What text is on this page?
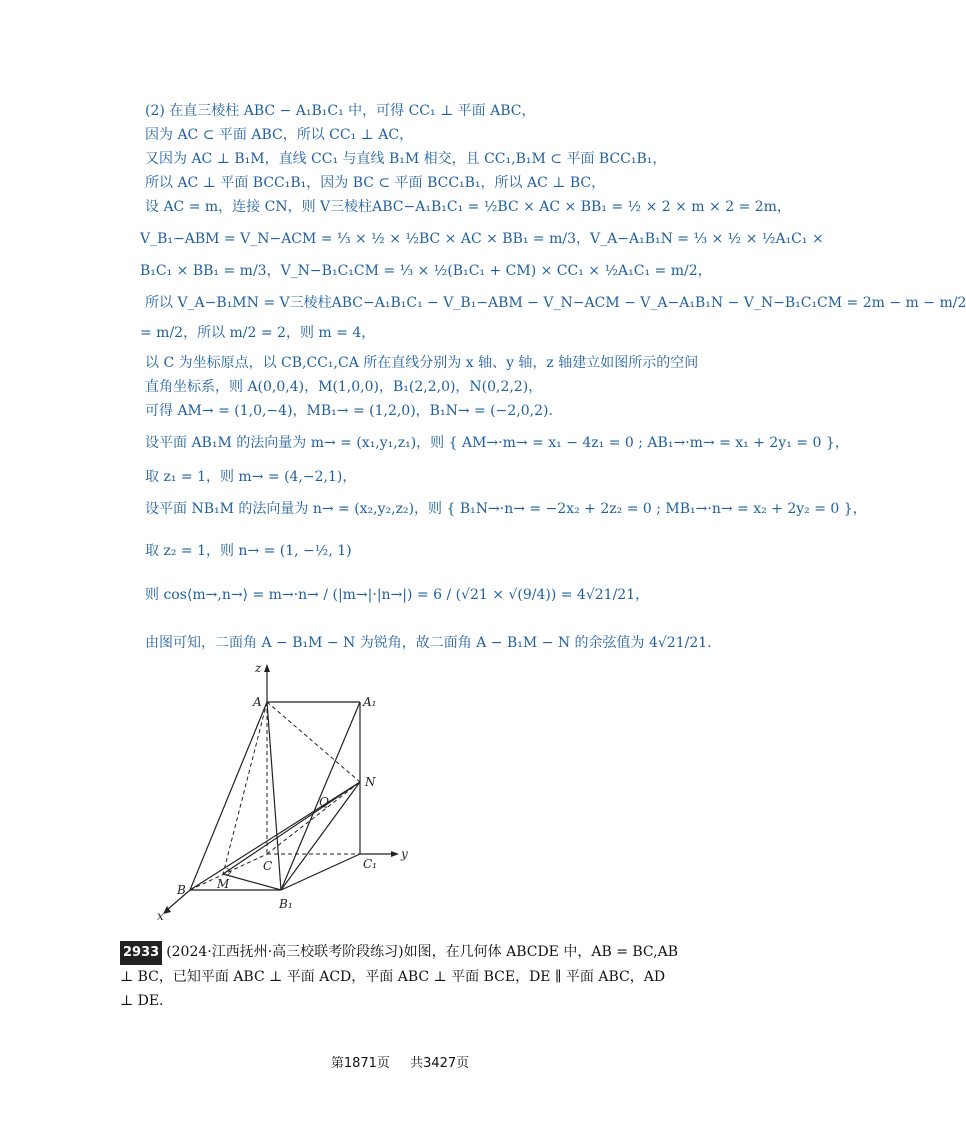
(2) 在直三棱柱 ABC − A₁B₁C₁ 中，可得 CC₁ ⊥ 平面 ABC，
因为 AC ⊂ 平面 ABC，所以 CC₁ ⊥ AC，
又因为 AC ⊥ B₁M，直线 CC₁ 与直线 B₁M 相交，且 CC₁,B₁M ⊂ 平面 BCC₁B₁，
所以 AC ⊥ 平面 BCC₁B₁，因为 BC ⊂ 平面 BCC₁B₁，所以 AC ⊥ BC，
设 AC = m，连接 CN，则 V三棱柱ABC−A₁B₁C₁ = ½BC × AC × BB₁ = ½ × 2 × m × 2 = 2m，
V_B₁−ABM = V_N−ACM = ⅓ × ½ × ½BC × AC × BB₁ = m/3，V_A−A₁B₁N = ⅓ × ½ × ½A₁C₁ ×
B₁C₁ × BB₁ = m/3，V_N−B₁C₁CM = ⅓ × ½(B₁C₁ + CM) × CC₁ × ½A₁C₁ = m/2，
所以 V_A−B₁MN = V三棱柱ABC−A₁B₁C₁ − V_B₁−ABM − V_N−ACM − V_A−A₁B₁N − V_N−B₁C₁CM = 2m − m − m/2
= m/2，所以 m/2 = 2，则 m = 4，
以 C 为坐标原点，以 CB,CC₁,CA 所在直线分别为 x 轴、y 轴，z 轴建立如图所示的空间
直角坐标系，则 A(0,0,4)，M(1,0,0)，B₁(2,2,0)，N(0,2,2)，
可得 AM→ = (1,0,−4)，MB₁→ = (1,2,0)，B₁N→ = (−2,0,2).
设平面 AB₁M 的法向量为 m→ = (x₁,y₁,z₁)，则 { AM→·m→ = x₁ − 4z₁ = 0 ; AB₁→·m→ = x₁ + 2y₁ = 0 }，
取 z₁ = 1，则 m→ = (4,−2,1)，
设平面 NB₁M 的法向量为 n→ = (x₂,y₂,z₂)，则 { B₁N→·n→ = −2x₂ + 2z₂ = 0 ; MB₁→·n→ = x₂ + 2y₂ = 0 }，
取 z₂ = 1，则 n→ = (1, −½, 1)
则 cos⟨m→,n→⟩ = m→·n→ / (|m→|·|n→|) = 6 / (√21 × √(9/4)) = 4√21/21，
由图可知，二面角 A − B₁M − N 为锐角，故二面角 A − B₁M − N 的余弦值为 4√21/21.
z
A	A₁
N
Q
C	C₁
y
M
B
B₁
x
2933 (2024·江西抚州·高三校联考阶段练习)如图，在几何体 ABCDE 中，AB = BC,AB ⊥ BC，已知平面 ABC ⊥ 平面 ACD，平面 ABC ⊥ 平面 BCE，DE ∥ 平面 ABC，AD ⊥ DE.
第1871页 共3427页
